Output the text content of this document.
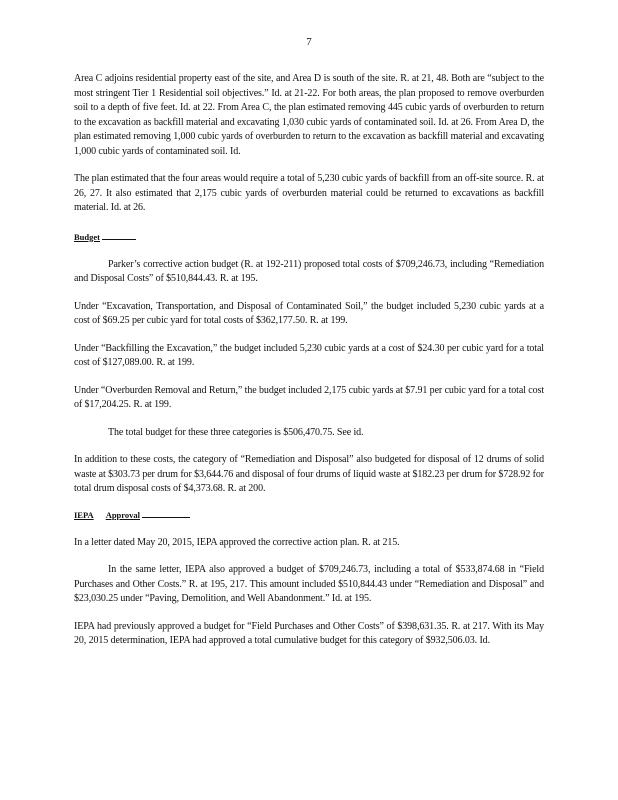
7

Area C adjoins residential property east of the site, and Area D is south of the site. R. at 21, 48. Both are “subject to the most stringent Tier 1 Residential soil objectives.” Id. at 21-22. For both areas, the plan proposed to remove overburden soil to a depth of five feet. Id. at 22. From Area C, the plan estimated removing 445 cubic yards of overburden to return to the excavation as backfill material and excavating 1,030 cubic yards of contaminated soil. Id. at 26. From Area D, the plan estimated removing 1,000 cubic yards of overburden to return to the excavation as backfill material and excavating 1,000 cubic yards of contaminated soil. Id.

The plan estimated that the four areas would require a total of 5,230 cubic yards of backfill from an off-site source. R. at 26, 27. It also estimated that 2,175 cubic yards of overburden material could be returned to excavations as backfill material. Id. at 26.

Budget

Parker’s corrective action budget (R. at 192-211) proposed total costs of $709,246.73, including “Remediation and Disposal Costs” of $510,844.43. R. at 195.

Under “Excavation, Transportation, and Disposal of Contaminated Soil,” the budget included 5,230 cubic yards at a cost of $69.25 per cubic yard for total costs of $362,177.50. R. at 199.

Under “Backfilling the Excavation,” the budget included 5,230 cubic yards at a cost of $24.30 per cubic yard for a total cost of $127,089.00. R. at 199.

Under “Overburden Removal and Return,” the budget included 2,175 cubic yards at $7.91 per cubic yard for a total cost of $17,204.25. R. at 199.

The total budget for these three categories is $506,470.75. See id.

In addition to these costs, the category of “Remediation and Disposal” also budgeted for disposal of 12 drums of solid waste at $303.73 per drum for $3,644.76 and disposal of four drums of liquid waste at $182.23 per drum for $728.92 for total drum disposal costs of $4,373.68. R. at 200.

IEPA Approval

In a letter dated May 20, 2015, IEPA approved the corrective action plan. R. at 215.

In the same letter, IEPA also approved a budget of $709,246.73, including a total of $533,874.68 in “Field Purchases and Other Costs.” R. at 195, 217. This amount included $510,844.43 under “Remediation and Disposal” and $23,030.25 under “Paving, Demolition, and Well Abandonment.” Id. at 195.

IEPA had previously approved a budget for “Field Purchases and Other Costs” of $398,631.35. R. at 217. With its May 20, 2015 determination, IEPA had approved a total cumulative budget for this category of $932,506.03. Id.
